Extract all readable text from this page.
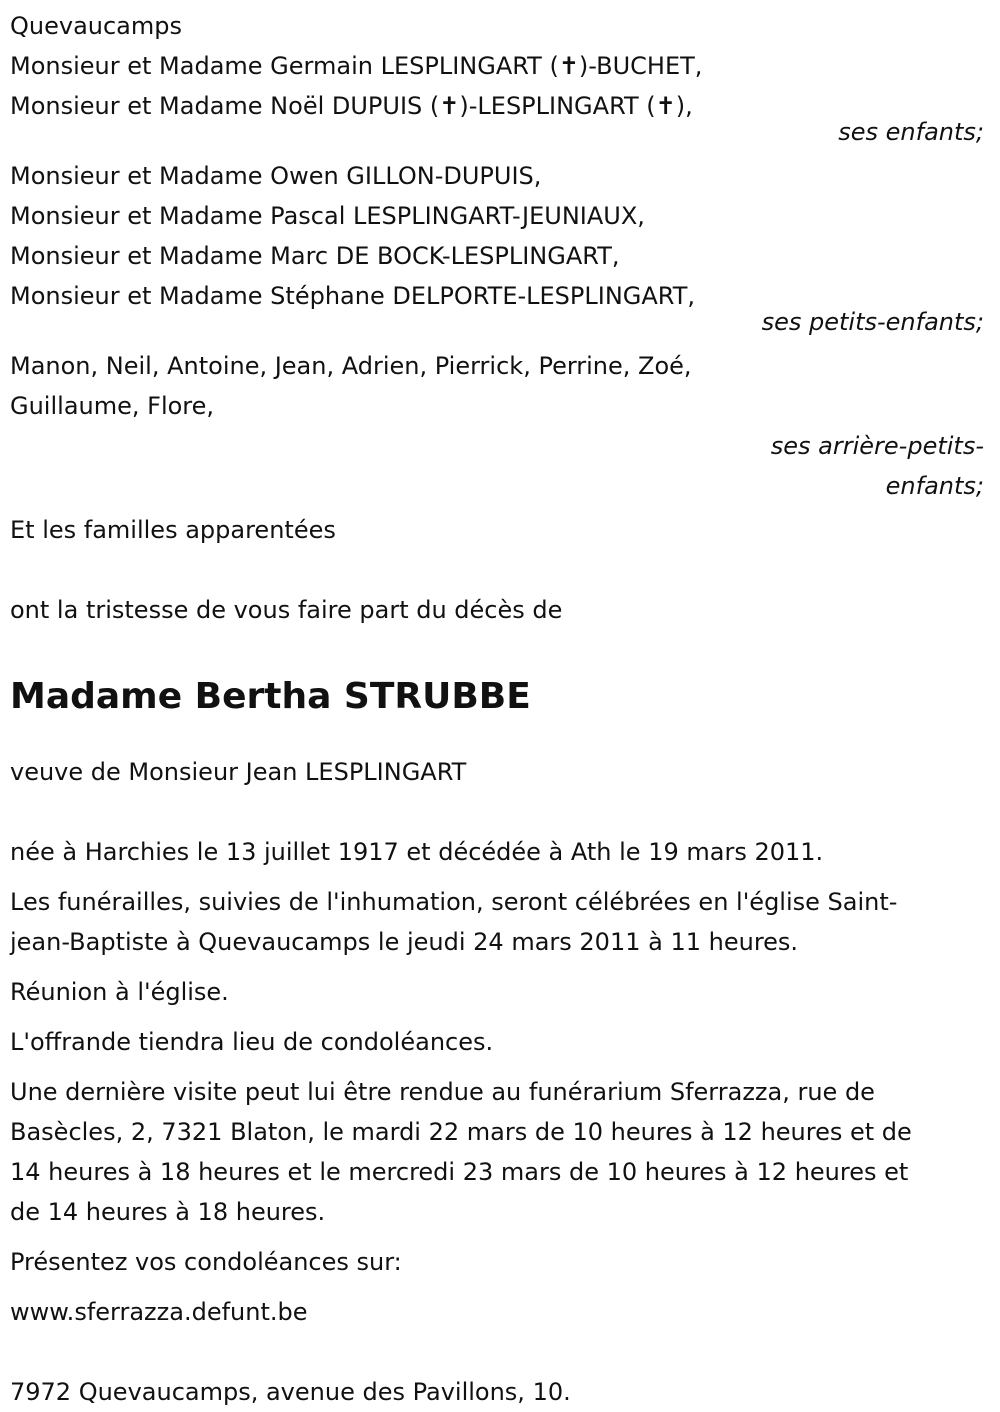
Quevaucamps
Monsieur et Madame Germain LESPLINGART (✝)-BUCHET,
Monsieur et Madame Noël DUPUIS (✝)-LESPLINGART (✝),
ses enfants;
Monsieur et Madame Owen GILLON-DUPUIS,
Monsieur et Madame Pascal LESPLINGART-JEUNIAUX,
Monsieur et Madame Marc DE BOCK-LESPLINGART,
Monsieur et Madame Stéphane DELPORTE-LESPLINGART,
ses petits-enfants;
Manon, Neil, Antoine, Jean, Adrien, Pierrick, Perrine, Zoé,
Guillaume, Flore,
ses arrière-petits-
enfants;
Et les familles apparentées
ont la tristesse de vous faire part du décès de
Madame Bertha STRUBBE
veuve de Monsieur Jean LESPLINGART
née à Harchies le 13 juillet 1917 et décédée à Ath le 19 mars 2011.
Les funérailles, suivies de l'inhumation, seront célébrées en l'église Saint-
jean-Baptiste à Quevaucamps le jeudi 24 mars 2011 à 11 heures.
Réunion à l'église.
L'offrande tiendra lieu de condoléances.
Une dernière visite peut lui être rendue au funérarium Sferrazza, rue de
Basècles, 2, 7321 Blaton, le mardi 22 mars de 10 heures à 12 heures et de
14 heures à 18 heures et le mercredi 23 mars de 10 heures à 12 heures et
de 14 heures à 18 heures.
Présentez vos condoléances sur:
www.sferrazza.defunt.be
7972 Quevaucamps, avenue des Pavillons, 10.
